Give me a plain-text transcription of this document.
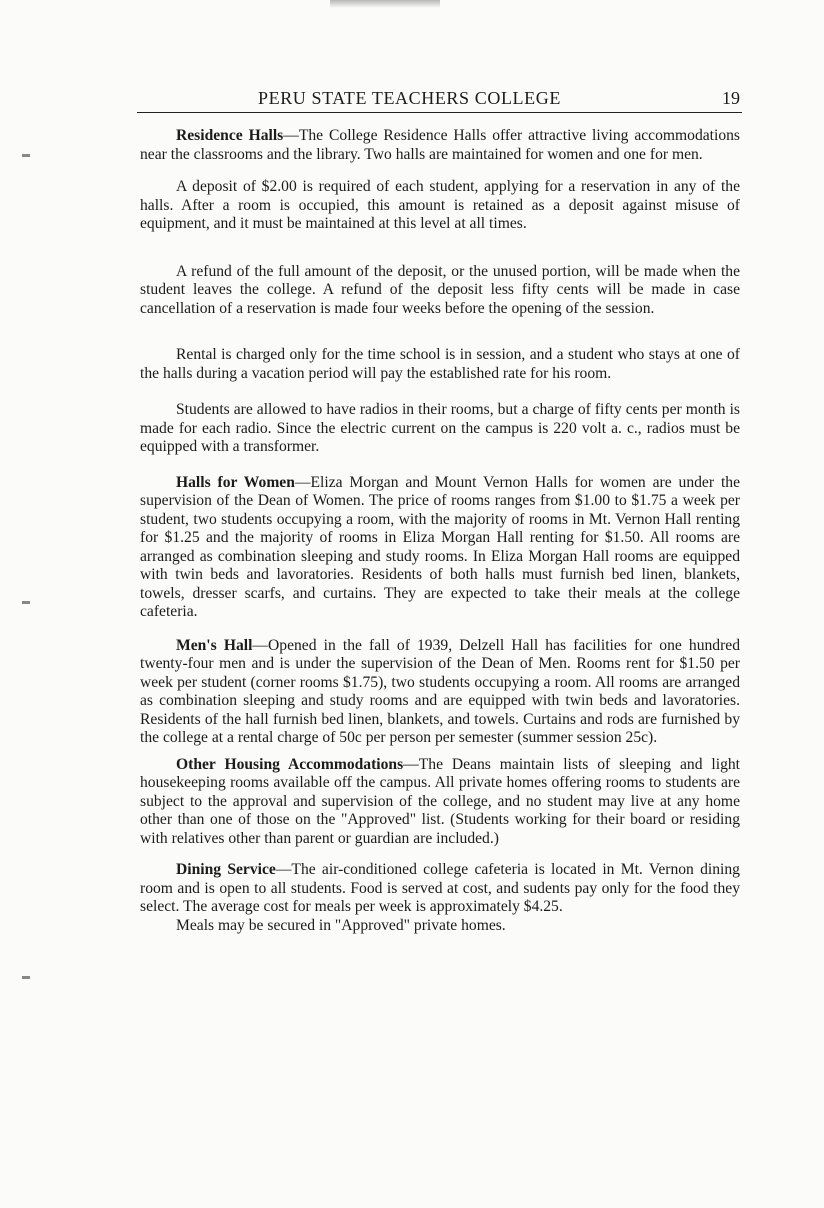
PERU STATE TEACHERS COLLEGE	19

Residence Halls—The College Residence Halls offer attractive living accommodations near the classrooms and the library. Two halls are maintained for women and one for men.

A deposit of $2.00 is required of each student, applying for a reservation in any of the halls. After a room is occupied, this amount is retained as a deposit against misuse of equipment, and it must be maintained at this level at all times.

A refund of the full amount of the deposit, or the unused portion, will be made when the student leaves the college. A refund of the deposit less fifty cents will be made in case cancellation of a reservation is made four weeks before the opening of the session.

Rental is charged only for the time school is in session, and a student who stays at one of the halls during a vacation period will pay the established rate for his room.

Students are allowed to have radios in their rooms, but a charge of fifty cents per month is made for each radio. Since the electric current on the campus is 220 volt a. c., radios must be equipped with a transformer.

Halls for Women—Eliza Morgan and Mount Vernon Halls for women are under the supervision of the Dean of Women. The price of rooms ranges from $1.00 to $1.75 a week per student, two students occupying a room, with the majority of rooms in Mt. Vernon Hall renting for $1.25 and the majority of rooms in Eliza Morgan Hall renting for $1.50. All rooms are arranged as combination sleeping and study rooms. In Eliza Morgan Hall rooms are equipped with twin beds and lavoratories. Residents of both halls must furnish bed linen, blankets, towels, dresser scarfs, and curtains. They are expected to take their meals at the college cafeteria.

Men's Hall—Opened in the fall of 1939, Delzell Hall has facilities for one hundred twenty-four men and is under the supervision of the Dean of Men. Rooms rent for $1.50 per week per student (corner rooms $1.75), two students occupying a room. All rooms are arranged as combination sleeping and study rooms and are equipped with twin beds and lavoratories. Residents of the hall furnish bed linen, blankets, and towels. Curtains and rods are furnished by the college at a rental charge of 50c per person per semester (summer session 25c).

Other Housing Accommodations—The Deans maintain lists of sleeping and light housekeeping rooms available off the campus. All private homes offering rooms to students are subject to the approval and supervision of the college, and no student may live at any home other than one of those on the "Approved" list. (Students working for their board or residing with relatives other than parent or guardian are included.)

Dining Service—The air-conditioned college cafeteria is located in Mt. Vernon dining room and is open to all students. Food is served at cost, and sudents pay only for the food they select. The average cost for meals per week is approximately $4.25.

Meals may be secured in "Approved" private homes.
